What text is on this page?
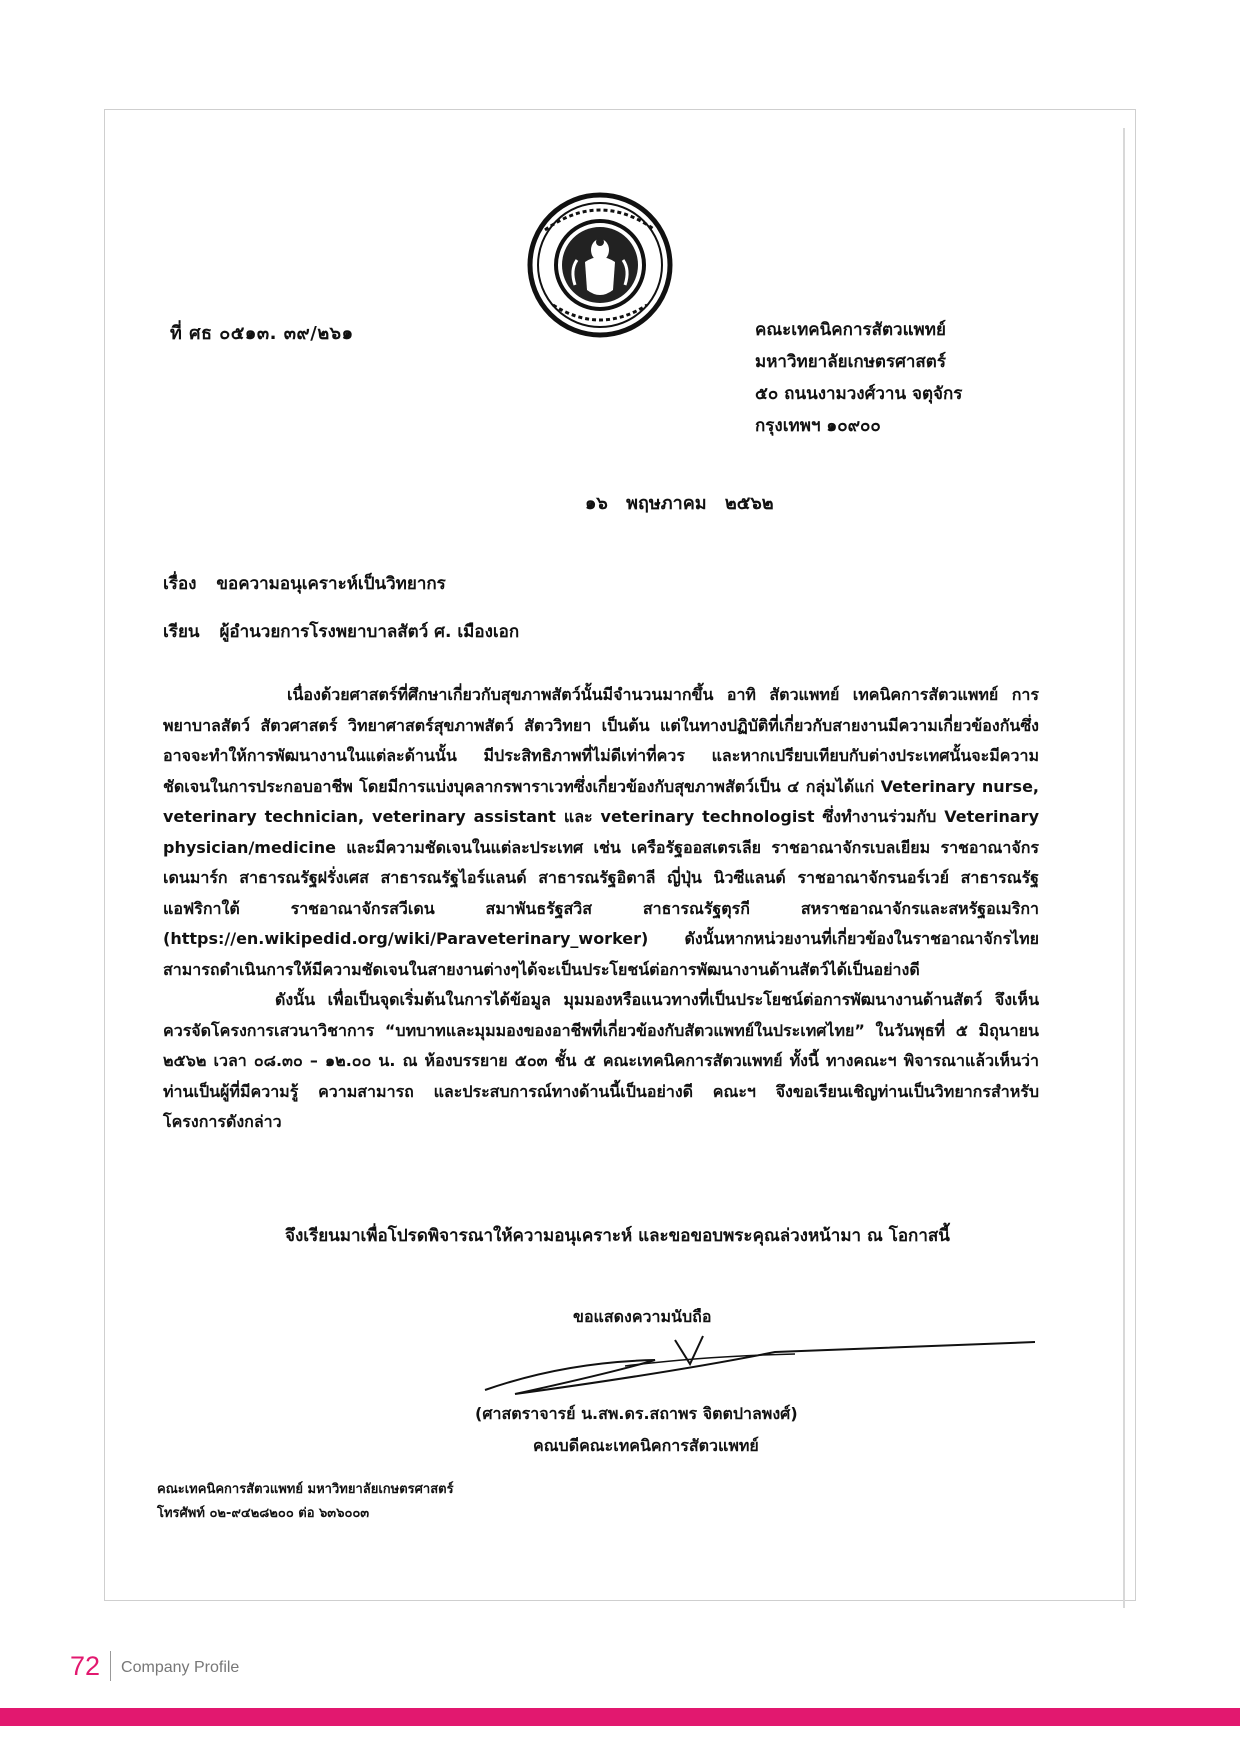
ที่ ศธ ๐๕๑๓. ๓๙/๒๖๑	คณะเทคนิคการสัตวแพทย์
มหาวิทยาลัยเกษตรศาสตร์
๕๐ ถนนงามวงศ์วาน จตุจักร
กรุงเทพฯ ๑๐๙๐๐
๑๖ พฤษภาคม ๒๕๖๒
เรื่อง ขอความอนุเคราะห์เป็นวิทยากร
เรียน ผู้อำนวยการโรงพยาบาลสัตว์ ศ. เมืองเอก

เนื่องด้วยศาสตร์ที่ศึกษาเกี่ยวกับสุขภาพสัตว์นั้นมีจำนวนมากขึ้น อาทิ สัตวแพทย์ เทคนิคการสัตวแพทย์ การพยาบาลสัตว์ สัตวศาสตร์ วิทยาศาสตร์สุขภาพสัตว์ สัตววิทยา เป็นต้น แต่ในทางปฏิบัติที่เกี่ยวกับสายงานมีความเกี่ยวข้องกันซึ่งอาจจะทำให้การพัฒนางานในแต่ละด้านนั้น มีประสิทธิภาพที่ไม่ดีเท่าที่ควร และหากเปรียบเทียบกับต่างประเทศนั้นจะมีความชัดเจนในการประกอบอาชีพ โดยมีการแบ่งบุคลากรพาราเวทซึ่งเกี่ยวข้องกับสุขภาพสัตว์เป็น ๔ กลุ่มได้แก่ Veterinary nurse, veterinary technician, veterinary assistant และ veterinary technologist ซึ่งทำงานร่วมกับ Veterinary physician/medicine และมีความชัดเจนในแต่ละประเทศ เช่น เครือรัฐออสเตรเลีย ราชอาณาจักรเบลเยียม ราชอาณาจักรเดนมาร์ก สาธารณรัฐฝรั่งเศส สาธารณรัฐไอร์แลนด์ สาธารณรัฐอิตาลี ญี่ปุ่น นิวซีแลนด์ ราชอาณาจักรนอร์เวย์ สาธารณรัฐแอฟริกาใต้ ราชอาณาจักรสวีเดน สมาพันธรัฐสวิส สาธารณรัฐตุรกี สหราชอาณาจักรและสหรัฐอเมริกา (https://en.wikipedid.org/wiki/Paraveterinary_worker) ดังนั้นหากหน่วยงานที่เกี่ยวข้องในราชอาณาจักรไทยสามารถดำเนินการให้มีความชัดเจนในสายงานต่างๆได้จะเป็นประโยชน์ต่อการพัฒนางานด้านสัตว์ได้เป็นอย่างดี

ดังนั้น เพื่อเป็นจุดเริ่มต้นในการได้ข้อมูล มุมมองหรือแนวทางที่เป็นประโยชน์ต่อการพัฒนางานด้านสัตว์ จึงเห็นควรจัดโครงการเสวนาวิชาการ “บทบาทและมุมมองของอาชีพที่เกี่ยวข้องกับสัตวแพทย์ในประเทศไทย” ในวันพุธที่ ๕ มิถุนายน ๒๕๖๒ เวลา ๐๘.๓๐ – ๑๒.๐๐ น. ณ ห้องบรรยาย ๕๐๓ ชั้น ๕ คณะเทคนิคการสัตวแพทย์ ทั้งนี้ ทางคณะฯ พิจารณาแล้วเห็นว่าท่านเป็นผู้ที่มีความรู้ ความสามารถ และประสบการณ์ทางด้านนี้เป็นอย่างดี คณะฯ จึงขอเรียนเชิญท่านเป็นวิทยากรสำหรับโครงการดังกล่าว

จึงเรียนมาเพื่อโปรดพิจารณาให้ความอนุเคราะห์ และขอขอบพระคุณล่วงหน้ามา ณ โอกาสนี้
ขอแสดงความนับถือ
(ศาสตราจารย์ น.สพ.ดร.สถาพร จิตตปาลพงศ์)
คณบดีคณะเทคนิคการสัตวแพทย์
คณะเทคนิคการสัตวแพทย์ มหาวิทยาลัยเกษตรศาสตร์
โทรศัพท์ ๐๒-๙๔๒๘๒๐๐ ต่อ ๖๓๖๐๐๓
72 Company Profile
